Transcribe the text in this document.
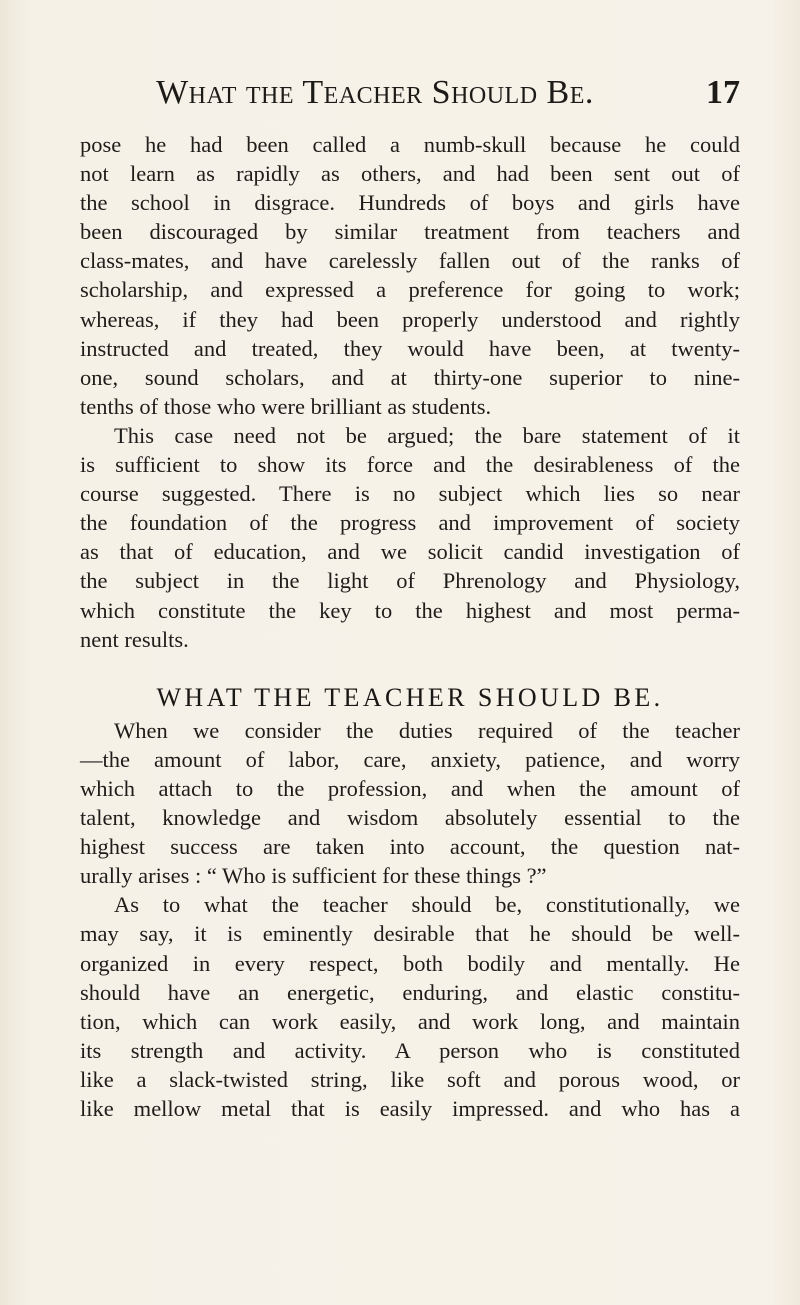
What the Teacher Should Be.	17
pose he had been called a numb-skull because he could
not learn as rapidly as others, and had been sent out of
the school in disgrace. Hundreds of boys and girls have
been discouraged by similar treatment from teachers and
class-mates, and have carelessly fallen out of the ranks of
scholarship, and expressed a preference for going to work;
whereas, if they had been properly understood and rightly
instructed and treated, they would have been, at twenty-
one, sound scholars, and at thirty-one superior to nine-
tenths of those who were brilliant as students.
This case need not be argued; the bare statement of it
is sufficient to show its force and the desirableness of the
course suggested. There is no subject which lies so near
the foundation of the progress and improvement of society
as that of education, and we solicit candid investigation of
the subject in the light of Phrenology and Physiology,
which constitute the key to the highest and most perma-
nent results.
WHAT THE TEACHER SHOULD BE.
When we consider the duties required of the teacher
—the amount of labor, care, anxiety, patience, and worry
which attach to the profession, and when the amount of
talent, knowledge and wisdom absolutely essential to the
highest success are taken into account, the question nat-
urally arises : “ Who is sufficient for these things ?”
As to what the teacher should be, constitutionally, we
may say, it is eminently desirable that he should be well-
organized in every respect, both bodily and mentally. He
should have an energetic, enduring, and elastic constitu-
tion, which can work easily, and work long, and maintain
its strength and activity. A person who is constituted
like a slack-twisted string, like soft and porous wood, or
like mellow metal that is easily impressed. and who has a
